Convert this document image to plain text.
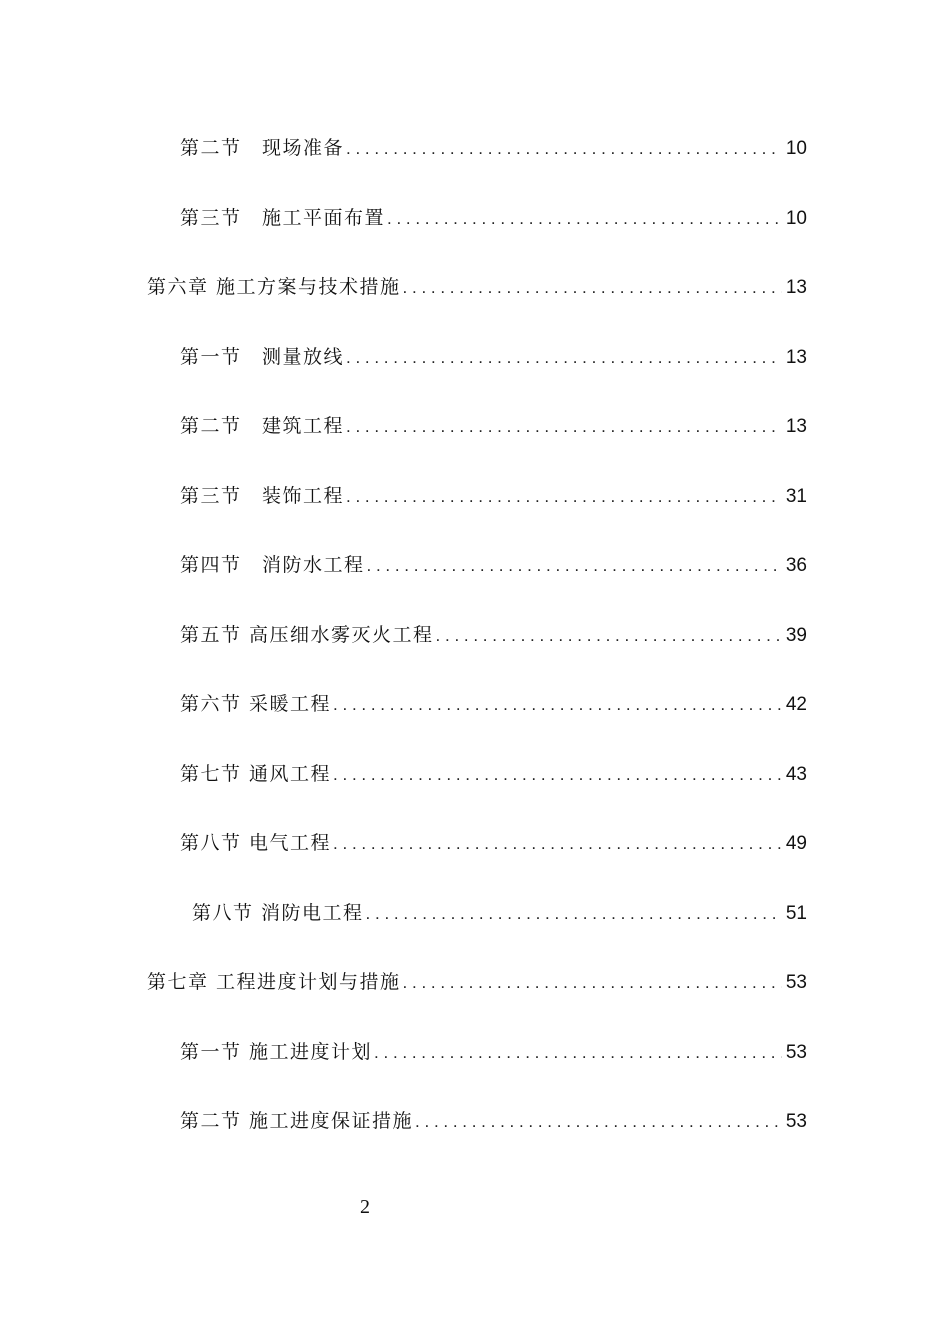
第二节　现场准备 . . .	10
第三节　施工平面布置 . . .	10
第六章 施工方案与技术措施 . . .	13
第一节　测量放线 . . .	13
第二节　建筑工程 . . .	13
第三节　装饰工程 . . .	31
第四节　消防水工程 . . .	36
第五节 高压细水雾灭火工程 . . .	39
第六节 采暖工程 . . .	42
第七节 通风工程 . . .	43
第八节 电气工程 . . .	49
第八节 消防电工程 . . .	51
第七章 工程进度计划与措施 . . .	53
第一节 施工进度计划 . . .	53
第二节 施工进度保证措施 . . .	53
2
